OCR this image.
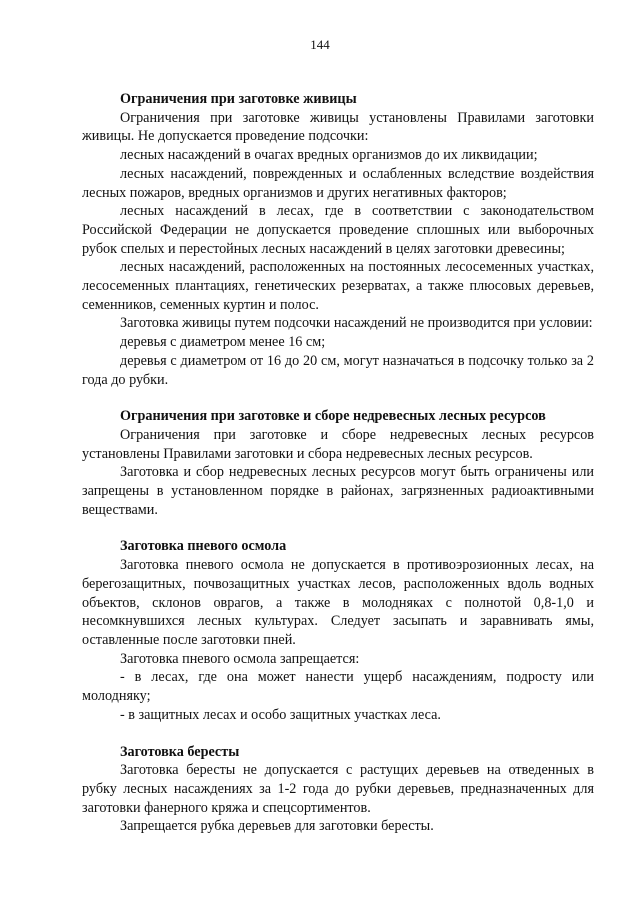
144
Ограничения при заготовке живицы

Ограничения при заготовке живицы установлены Правилами заготовки живицы. Не допускается проведение подсочки:

лесных насаждений в очагах вредных организмов до их ликвидации;

лесных насаждений, поврежденных и ослабленных вследствие воздействия лесных пожаров, вредных организмов и других негативных факторов;

лесных насаждений в лесах, где в соответствии с законодательством Российской Федерации не допускается проведение сплошных или выборочных рубок спелых и перестойных лесных насаждений в целях заготовки древесины;

лесных насаждений, расположенных на постоянных лесосеменных участках, лесосеменных плантациях, генетических резерватах, а также плюсовых деревьев, семенников, семенных куртин и полос.

Заготовка живицы путем подсочки насаждений не производится при условии:

деревья с диаметром менее 16 см;

деревья с диаметром от 16 до 20 см, могут назначаться в подсочку только за 2 года до рубки.

Ограничения при заготовке и сборе недревесных лесных ресурсов

Ограничения при заготовке и сборе недревесных лесных ресурсов установлены Правилами заготовки и сбора недревесных лесных ресурсов.

Заготовка и сбор недревесных лесных ресурсов могут быть ограничены или запрещены в установленном порядке в районах, загрязненных радиоактивными веществами.

Заготовка пневого осмола

Заготовка пневого осмола не допускается в противоэрозионных лесах, на берегозащитных, почвозащитных участках лесов, расположенных вдоль водных объектов, склонов оврагов, а также в молодняках с полнотой 0,8-1,0 и несомкнувшихся лесных культурах. Следует засыпать и заравнивать ямы, оставленные после заготовки пней.

Заготовка пневого осмола запрещается:

- в лесах, где она может нанести ущерб насаждениям, подросту или молодняку;

- в защитных лесах и особо защитных участках леса.

Заготовка бересты

Заготовка бересты не допускается с растущих деревьев на отведенных в рубку лесных насаждениях за 1-2 года до рубки деревьев, предназначенных для заготовки фанерного кряжа и спецсортиментов.

Запрещается рубка деревьев для заготовки бересты.
